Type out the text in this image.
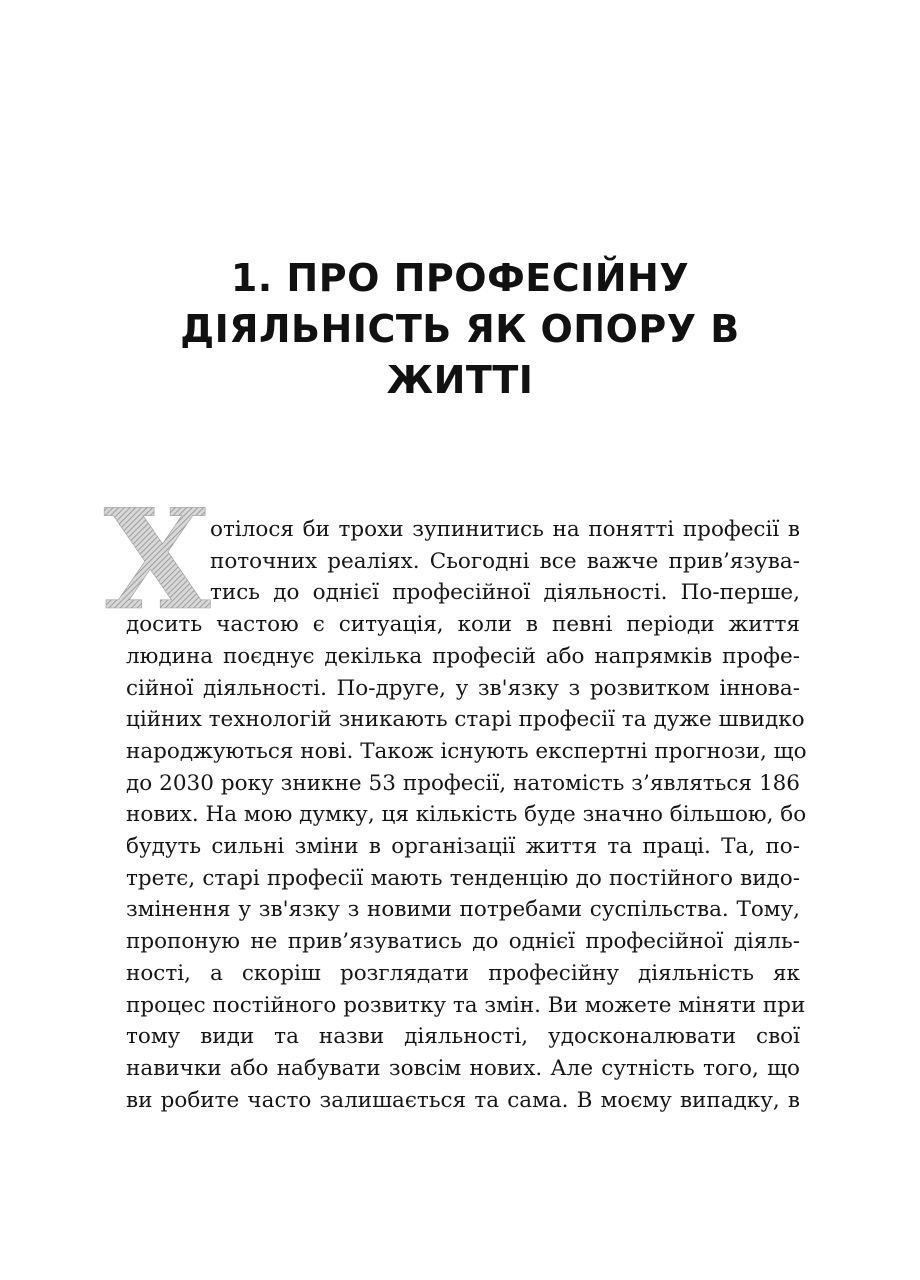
1. ПРО ПРОФЕСІЙНУ
ДІЯЛЬНІСТЬ ЯК ОПОРУ В
ЖИТТІ
Х отілося би трохи зупинитись на понятті професії в
поточних реаліях. Сьогодні все важче прив’язува-
тись до однієї професійної діяльності. По-перше,
досить частою є ситуація, коли в певні періоди життя
людина поєднує декілька професій або напрямків профе-
сійної діяльності. По-друге, у зв'язку з розвитком іннова-
ційних технологій зникають старі професії та дуже швидко
народжуються нові. Також існують експертні прогнози, що
до 2030 року зникне 53 професії, натомість з’являться 186
нових. На мою думку, ця кількість буде значно більшою, бо
будуть сильні зміни в організації життя та праці. Та, по-
третє, старі професії мають тенденцію до постійного видо-
змінення у зв'язку з новими потребами суспільства. Тому,
пропоную не прив’язуватись до однієї професійної діяль-
ності, а скоріш розглядати професійну діяльність як
процес постійного розвитку та змін. Ви можете міняти при
тому види та назви діяльності, удосконалювати свої
навички або набувати зовсім нових. Але сутність того, що
ви робите часто залишається та сама. В моєму випадку, в
